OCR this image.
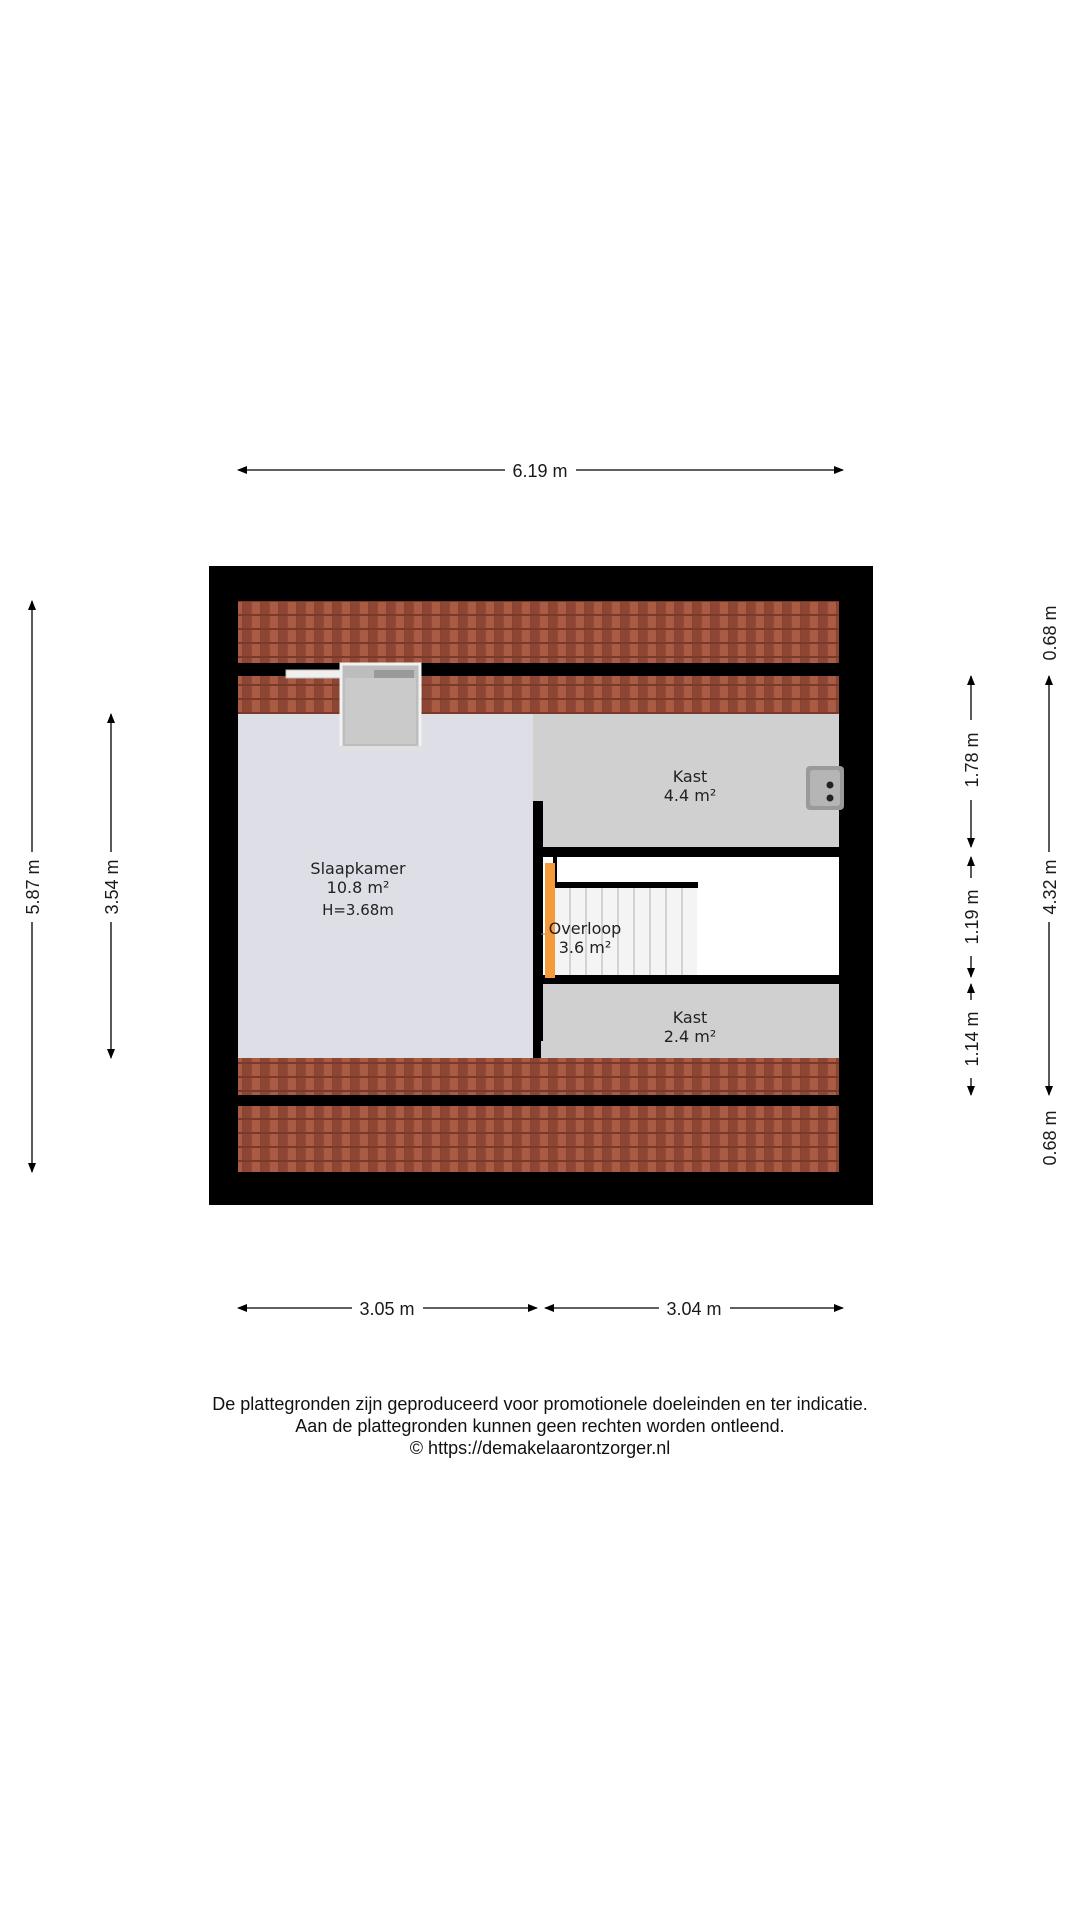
Slaapkamer
10.8 m²
H=3.68m
Kast
4.4 m²
Overloop
3.6 m²
Kast
2.4 m²
6.19 m
3.05 m	3.04 m
5.87 m	3.54 m
1.78 m
1.19 m
1.14 m
0.68 m
4.32 m
0.68 m
De plattegronden zijn geproduceerd voor promotionele doeleinden en ter indicatie.
Aan de plattegronden kunnen geen rechten worden ontleend.
© https://demakelaarontzorger.nl
